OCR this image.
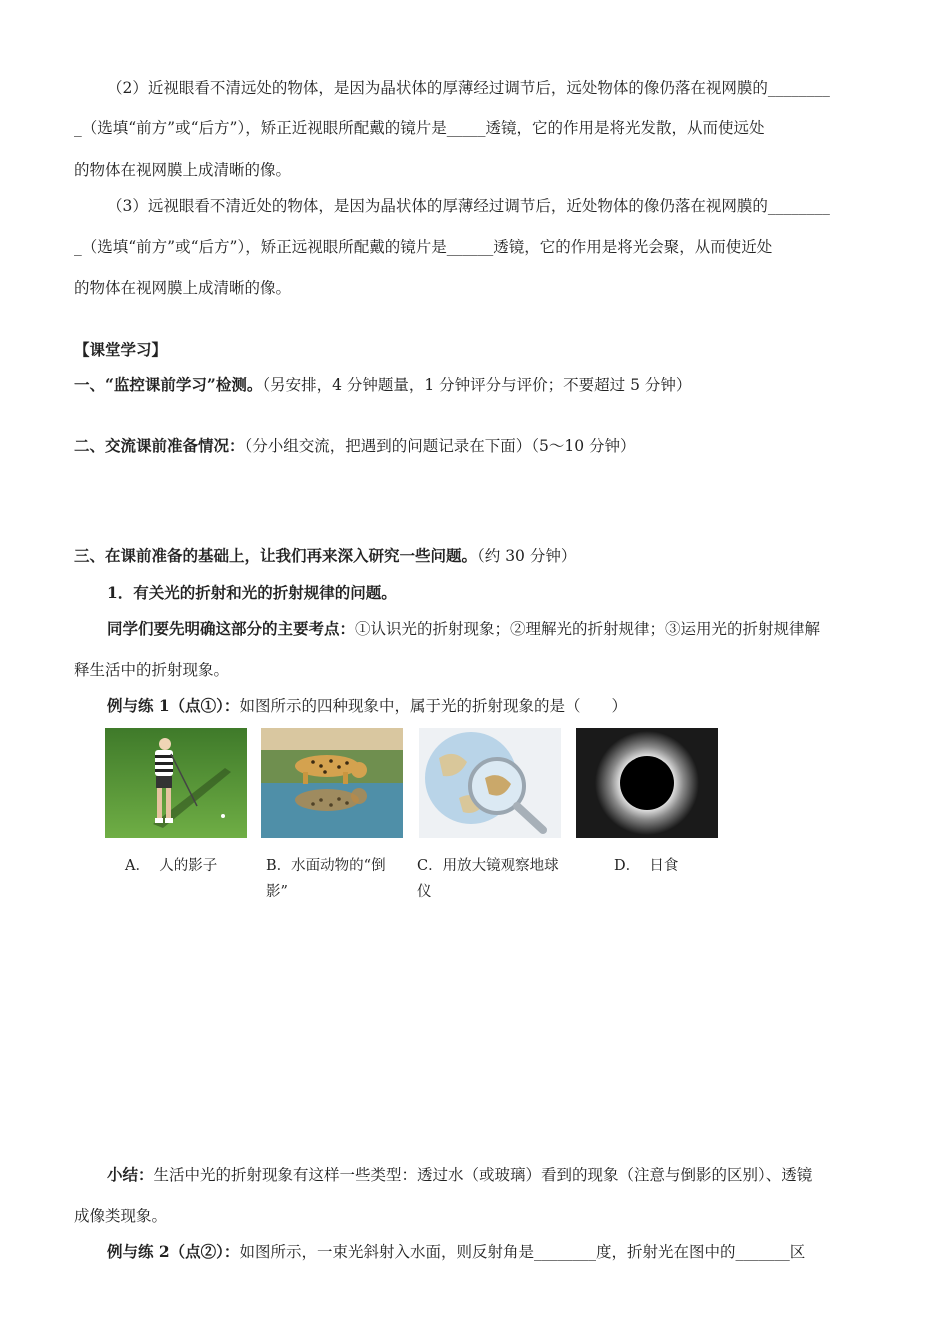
（2）近视眼看不清远处的物体，是因为晶状体的厚薄经过调节后，远处物体的像仍落在视网膜的________
_（选填“前方”或“后方”），矫正近视眼所配戴的镜片是_____透镜，它的作用是将光发散，从而使远处
的物体在视网膜上成清晰的像。
（3）远视眼看不清近处的物体，是因为晶状体的厚薄经过调节后，近处物体的像仍落在视网膜的________
_（选填“前方”或“后方”），矫正远视眼所配戴的镜片是______透镜，它的作用是将光会聚，从而使近处
的物体在视网膜上成清晰的像。
【课堂学习】
一、“监控课前学习”检测。（另安排，4 分钟题量，1 分钟评分与评价；不要超过 5 分钟）
二、交流课前准备情况：（分小组交流，把遇到的问题记录在下面）（5～10 分钟）
三、在课前准备的基础上，让我们再来深入研究一些问题。（约 30 分钟）
1．有关光的折射和光的折射规律的问题。
同学们要先明确这部分的主要考点：①认识光的折射现象；②理解光的折射规律；③运用光的折射规律解
释生活中的折射现象。
例与练 1（点①）：如图所示的四种现象中，属于光的折射现象的是（　　）
A． 人的影子	B．水面动物的“倒影”
C．用放大镜观察地球仪
D． 日食
小结：生活中光的折射现象有这样一些类型：透过水（或玻璃）看到的现象（注意与倒影的区别）、透镜
成像类现象。
例与练 2（点②）：如图所示，一束光斜射入水面，则反射角是________度，折射光在图中的_______区
